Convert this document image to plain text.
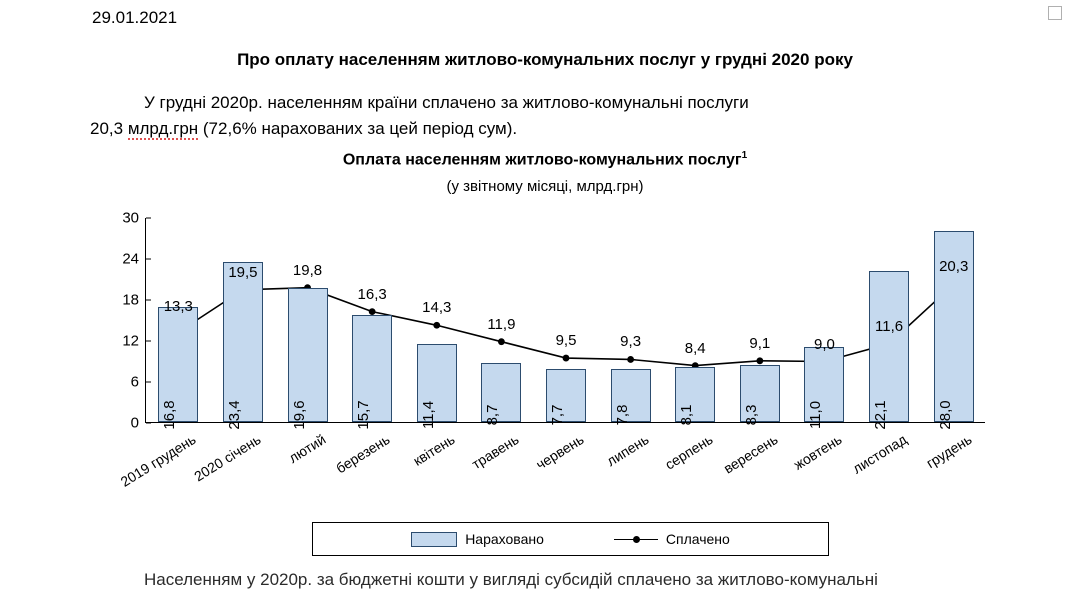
29.01.2021
Про оплату населенням житлово-комунальних послуг у грудні 2020 року
У грудні 2020р. населенням країни сплачено за житлово-комунальні послуги
20,3 млрд.грн (72,6% нарахованих за цей період сум).
Оплата населенням житлово-комунальних послуг$^1$
(у звітному місяці, млрд.грн)
0
6
12
18
24
30
16,8
13,3
2019 грудень
23,4
19,5
2020 січень
19,6
19,8
лютий
15,7
16,3
березень
11,4
14,3
квітень
8,7
11,9
травень
7,7
9,5
червень
7,8
9,3
липень
8,1
8,4
серпень
8,3
9,1
вересень
11,0
9,0
жовтень
22,1
11,6
листопад
28,0
20,3
грудень
Нараховано	Сплачено
Населенням у 2020р. за бюджетні кошти у вигляді субсидій сплачено за житлово-комунальні
